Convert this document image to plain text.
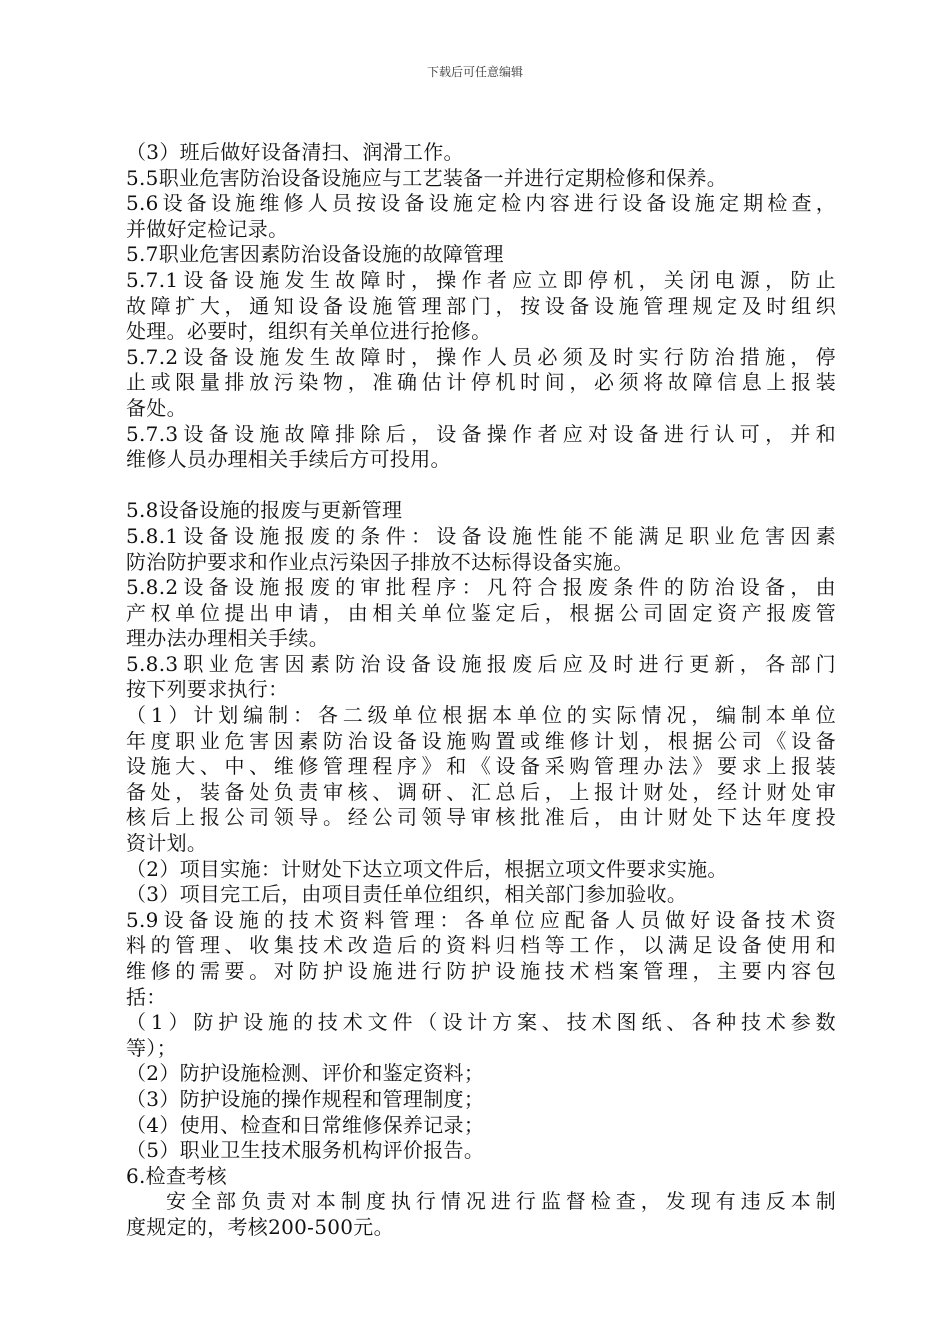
下载后可任意编辑
（3）班后做好设备清扫、润滑工作。
5.5职业危害防治设备设施应与工艺装备一并进行定期检修和保养。
5.6设备设施维修人员按设备设施定检内容进行设备设施定期检查，
并做好定检记录。
5.7职业危害因素防治设备设施的故障管理
5.7.1设备设施发生故障时，操作者应立即停机，关闭电源，防止
故障扩大，通知设备设施管理部门，按设备设施管理规定及时组织
处理。必要时，组织有关单位进行抢修。
5.7.2设备设施发生故障时，操作人员必须及时实行防治措施，停
止或限量排放污染物，准确估计停机时间，必须将故障信息上报装
备处。
5.7.3设备设施故障排除后，设备操作者应对设备进行认可，并和
维修人员办理相关手续后方可投用。
5.8设备设施的报废与更新管理
5.8.1设备设施报废的条件：设备设施性能不能满足职业危害因素
防治防护要求和作业点污染因子排放不达标得设备实施。
5.8.2设备设施报废的审批程序：凡符合报废条件的防治设备，由
产权单位提出申请，由相关单位鉴定后，根据公司固定资产报废管
理办法办理相关手续。
5.8.3职业危害因素防治设备设施报废后应及时进行更新，各部门
按下列要求执行：
（1）计划编制：各二级单位根据本单位的实际情况，编制本单位
年度职业危害因素防治设备设施购置或维修计划，根据公司《设备
设施大、中、维修管理程序》和《设备采购管理办法》要求上报装
备处，装备处负责审核、调研、汇总后，上报计财处，经计财处审
核后上报公司领导。经公司领导审核批准后，由计财处下达年度投
资计划。
（2）项目实施：计财处下达立项文件后，根据立项文件要求实施。
（3）项目完工后，由项目责任单位组织，相关部门参加验收。
5.9设备设施的技术资料管理：各单位应配备人员做好设备技术资
料的管理、收集技术改造后的资料归档等工作，以满足设备使用和
维修的需要。对防护设施进行防护设施技术档案管理，主要内容包
括：
（1）防护设施的技术文件（设计方案、技术图纸、各种技术参数
等）；
（2）防护设施检测、评价和鉴定资料；
（3）防护设施的操作规程和管理制度；
（4）使用、检查和日常维修保养记录；
（5）职业卫生技术服务机构评价报告。
6.检查考核
安全部负责对本制度执行情况进行监督检查，发现有违反本制
度规定的，考核200-500元。
